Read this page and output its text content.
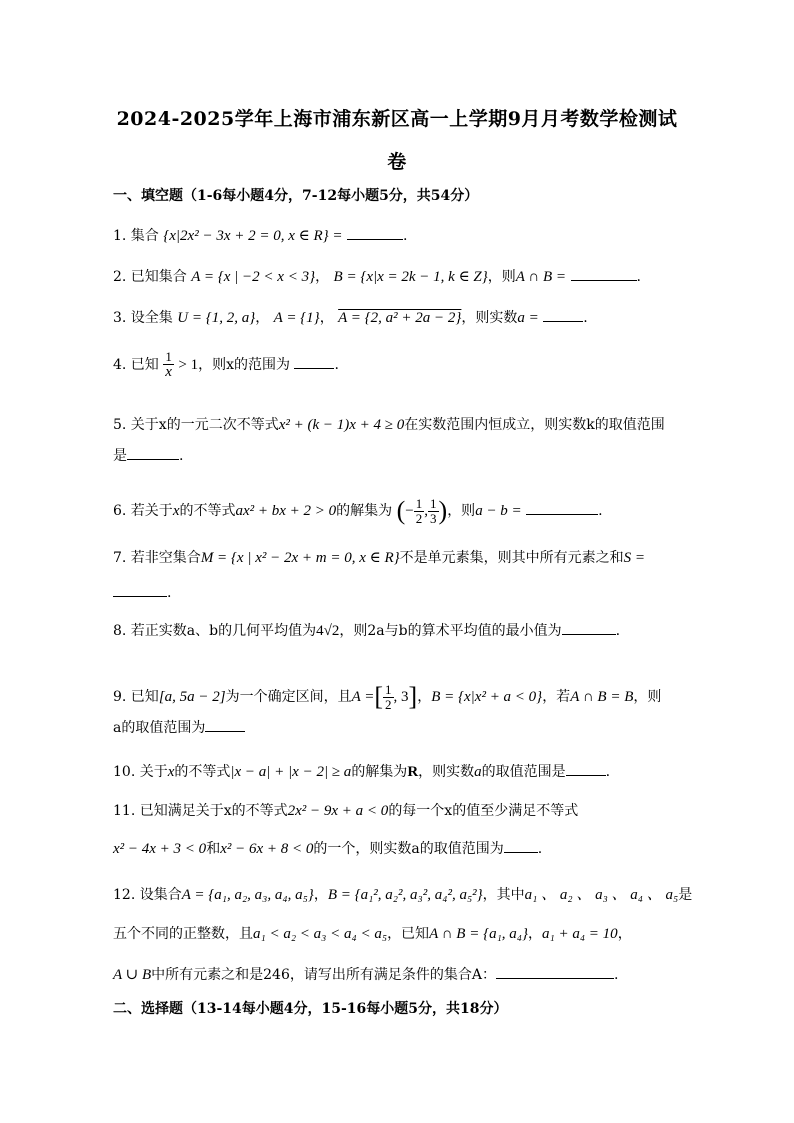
2024-2025学年上海市浦东新区高一上学期9月月考数学检测试
卷
一、填空题（1-6每小题4分，7-12每小题5分，共54分）
1. 集合 {x|2x² − 3x + 2 = 0, x ∈ R} =	.
2. 已知集合 A = {x | −2 < x < 3}， B = {x|x = 2k − 1, k ∈ Z}，则A ∩ B =	.
3. 设全集 U = {1, 2, a}， A = {1}， A = {2, a² + 2a − 2}，则实数a =	.
4. 已知 $\frac{1}{x} > 1$，则x的范围为	.
5. 关于x的一元二次不等式x² + (k − 1)x + 4 ≥ 0在实数范围内恒成立，则实数k的取值范围
是	.
6. 若关于x的不等式ax² + bx + 2 > 0的解集为 (− $\frac{1}{2}$ , $\frac{1}{3}$ )，则a − b =	.
7. 若非空集合M = {x | x² − 2x + m = 0, x ∈ R}不是单元素集，则其中所有元素之和S =
.
8. 若正实数a、b的几何平均值为4√2，则2a与b的算术平均值的最小值为	.
9. 已知[a, 5a − 2]为一个确定区间，且A =[ $\frac{1}{2}$ , 3]，B = {x|x² + a < 0}，若A ∩ B = B，则
a的取值范围为
10. 关于x的不等式|x − a| + |x − 2| ≥ a的解集为R，则实数a的取值范围是	.
11. 已知满足关于x的不等式2x² − 9x + a < 0的每一个x的值至少满足不等式
x² − 4x + 3 < 0和x² − 6x + 8 < 0的一个，则实数a的取值范围为 .
12. 设集合A = {a₁, a₂, a₃, a₄, a₅}，B = {a₁², a₂², a₃², a₄², a₅²}，其中a₁ 、 a₂ 、 a₃ 、 a₄ 、 a₅是
五个不同的正整数，且a₁ < a₂ < a₃ < a₄ < a₅，已知A ∩ B = {a₁, a₄}，a₁ + a₄ = 10，
A ∪ B中所有元素之和是246，请写出所有满足条件的集合A：	.
二、选择题（13-14每小题4分，15-16每小题5分，共18分）
